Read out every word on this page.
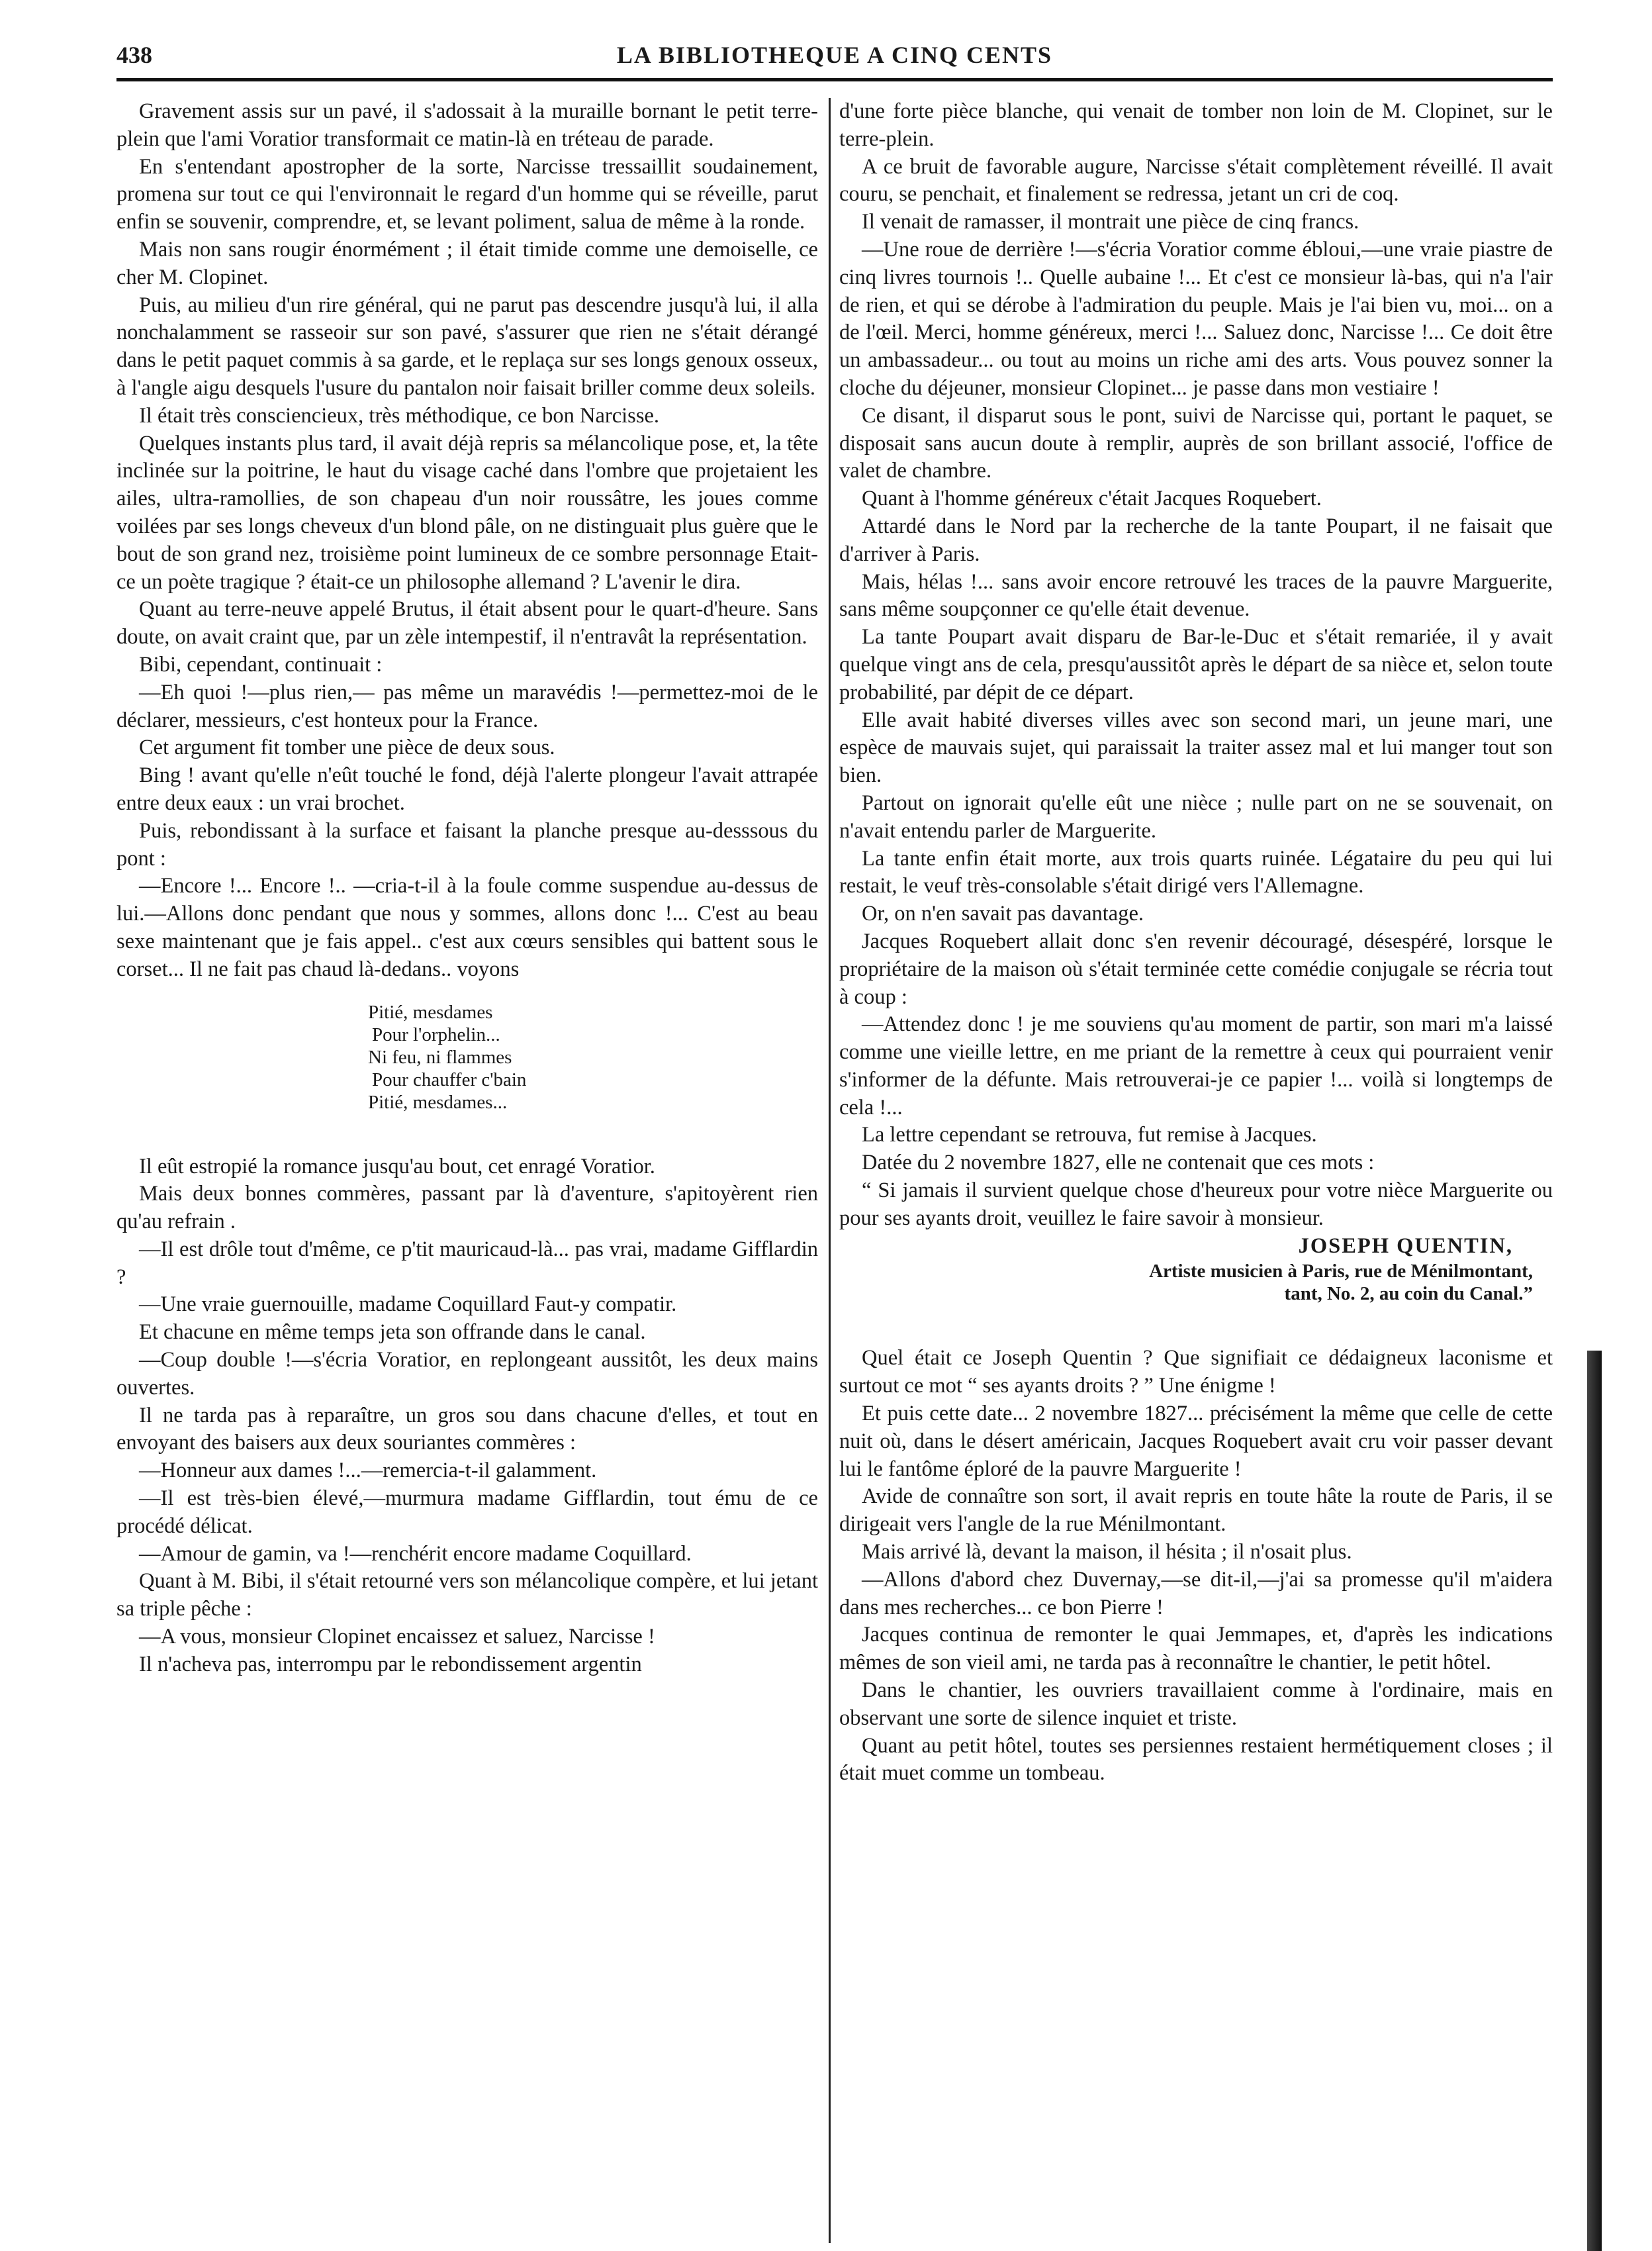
438	LA BIBLIOTHEQUE A CINQ CENTS

Gravement assis sur un pavé, il s'adossait à la muraille bornant le petit terre-plein que l'ami Voratior transformait ce matin-là en tréteau de parade.

En s'entendant apostropher de la sorte, Narcisse tressaillit soudainement, promena sur tout ce qui l'environnait le regard d'un homme qui se réveille, parut enfin se souvenir, comprendre, et, se levant poliment, salua de même à la ronde.

Mais non sans rougir énormément ; il était timide comme une demoiselle, ce cher M. Clopinet.

Puis, au milieu d'un rire général, qui ne parut pas descendre jusqu'à lui, il alla nonchalamment se rasseoir sur son pavé, s'assurer que rien ne s'était dérangé dans le petit paquet commis à sa garde, et le replaça sur ses longs genoux osseux, à l'angle aigu desquels l'usure du pantalon noir faisait briller comme deux soleils.

Il était très consciencieux, très méthodique, ce bon Narcisse.

Quelques instants plus tard, il avait déjà repris sa mélancolique pose, et, la tête inclinée sur la poitrine, le haut du visage caché dans l'ombre que projetaient les ailes, ultra-ramollies, de son chapeau d'un noir roussâtre, les joues comme voilées par ses longs cheveux d'un blond pâle, on ne distinguait plus guère que le bout de son grand nez, troisième point lumineux de ce sombre personnage Etait-ce un poète tragique ? était-ce un philosophe allemand ? L'avenir le dira.

Quant au terre-neuve appelé Brutus, il était absent pour le quart-d'heure. Sans doute, on avait craint que, par un zèle intempestif, il n'entravât la représentation.

Bibi, cependant, continuait :

—Eh quoi !—plus rien,— pas même un maravédis !—permettez-moi de le déclarer, messieurs, c'est honteux pour la France.

Cet argument fit tomber une pièce de deux sous.

Bing ! avant qu'elle n'eût touché le fond, déjà l'alerte plongeur l'avait attrapée entre deux eaux : un vrai brochet.

Puis, rebondissant à la surface et faisant la planche presque au-desssous du pont :

—Encore !... Encore !.. —cria-t-il à la foule comme suspendue au-dessus de lui.—Allons donc pendant que nous y sommes, allons donc !... C'est au beau sexe maintenant que je fais appel.. c'est aux cœurs sensibles qui battent sous le corset... Il ne fait pas chaud là-dedans.. voyons

Pitié, mesdames
Pour l'orphelin...
Ni feu, ni flammes
Pour chauffer c'bain
Pitié, mesdames...

Il eût estropié la romance jusqu'au bout, cet enragé Voratior.

Mais deux bonnes commères, passant par là d'aventure, s'apitoyèrent rien qu'au refrain .

—Il est drôle tout d'même, ce p'tit mauricaud-là... pas vrai, madame Gifflardin ?

—Une vraie guernouille, madame Coquillard Faut-y compatir.

Et chacune en même temps jeta son offrande dans le canal.

—Coup double !—s'écria Voratior, en replongeant aussitôt, les deux mains ouvertes.

Il ne tarda pas à reparaître, un gros sou dans chacune d'elles, et tout en envoyant des baisers aux deux souriantes commères :

—Honneur aux dames !...—remercia-t-il galamment.

—Il est très-bien élevé,—murmura madame Gifflardin, tout ému de ce procédé délicat.

—Amour de gamin, va !—renchérit encore madame Coquillard.

Quant à M. Bibi, il s'était retourné vers son mélancolique compère, et lui jetant sa triple pêche :

—A vous, monsieur Clopinet encaissez et saluez, Narcisse !

Il n'acheva pas, interrompu par le rebondissement argentin

d'une forte pièce blanche, qui venait de tomber non loin de M. Clopinet, sur le terre-plein.

A ce bruit de favorable augure, Narcisse s'était complètement réveillé. Il avait couru, se penchait, et finalement se redressa, jetant un cri de coq.

Il venait de ramasser, il montrait une pièce de cinq francs.

—Une roue de derrière !—s'écria Voratior comme ébloui,—une vraie piastre de cinq livres tournois !.. Quelle aubaine !... Et c'est ce monsieur là-bas, qui n'a l'air de rien, et qui se dérobe à l'admiration du peuple. Mais je l'ai bien vu, moi... on a de l'œil. Merci, homme généreux, merci !... Saluez donc, Narcisse !... Ce doit être un ambassadeur... ou tout au moins un riche ami des arts. Vous pouvez sonner la cloche du déjeuner, monsieur Clopinet... je passe dans mon vestiaire !

Ce disant, il disparut sous le pont, suivi de Narcisse qui, portant le paquet, se disposait sans aucun doute à remplir, auprès de son brillant associé, l'office de valet de chambre.

Quant à l'homme généreux c'était Jacques Roquebert.

Attardé dans le Nord par la recherche de la tante Poupart, il ne faisait que d'arriver à Paris.

Mais, hélas !... sans avoir encore retrouvé les traces de la pauvre Marguerite, sans même soupçonner ce qu'elle était devenue.

La tante Poupart avait disparu de Bar-le-Duc et s'était remariée, il y avait quelque vingt ans de cela, presqu'aussitôt après le départ de sa nièce et, selon toute probabilité, par dépit de ce départ.

Elle avait habité diverses villes avec son second mari, un jeune mari, une espèce de mauvais sujet, qui paraissait la traiter assez mal et lui manger tout son bien.

Partout on ignorait qu'elle eût une nièce ; nulle part on ne se souvenait, on n'avait entendu parler de Marguerite.

La tante enfin était morte, aux trois quarts ruinée. Légataire du peu qui lui restait, le veuf très-consolable s'était dirigé vers l'Allemagne.

Or, on n'en savait pas davantage.

Jacques Roquebert allait donc s'en revenir découragé, désespéré, lorsque le propriétaire de la maison où s'était terminée cette comédie conjugale se récria tout à coup :

—Attendez donc ! je me souviens qu'au moment de partir, son mari m'a laissé comme une vieille lettre, en me priant de la remettre à ceux qui pourraient venir s'informer de la défunte. Mais retrouverai-je ce papier !... voilà si longtemps de cela !...

La lettre cependant se retrouva, fut remise à Jacques.

Datée du 2 novembre 1827, elle ne contenait que ces mots :

“ Si jamais il survient quelque chose d'heureux pour votre nièce Marguerite ou pour ses ayants droit, veuillez le faire savoir à monsieur.

JOSEPH QUENTIN,
Artiste musicien à Paris, rue de Ménilmontant,
tant, No. 2, au coin du Canal.”

Quel était ce Joseph Quentin ? Que signifiait ce dédaigneux laconisme et surtout ce mot “ ses ayants droits ? ” Une énigme !

Et puis cette date... 2 novembre 1827... précisément la même que celle de cette nuit où, dans le désert américain, Jacques Roquebert avait cru voir passer devant lui le fantôme éploré de la pauvre Marguerite !

Avide de connaître son sort, il avait repris en toute hâte la route de Paris, il se dirigeait vers l'angle de la rue Ménilmontant.

Mais arrivé là, devant la maison, il hésita ; il n'osait plus.

—Allons d'abord chez Duvernay,—se dit-il,—j'ai sa promesse qu'il m'aidera dans mes recherches... ce bon Pierre !

Jacques continua de remonter le quai Jemmapes, et, d'après les indications mêmes de son vieil ami, ne tarda pas à reconnaître le chantier, le petit hôtel.

Dans le chantier, les ouvriers travaillaient comme à l'ordinaire, mais en observant une sorte de silence inquiet et triste.

Quant au petit hôtel, toutes ses persiennes restaient hermétiquement closes ; il était muet comme un tombeau.
